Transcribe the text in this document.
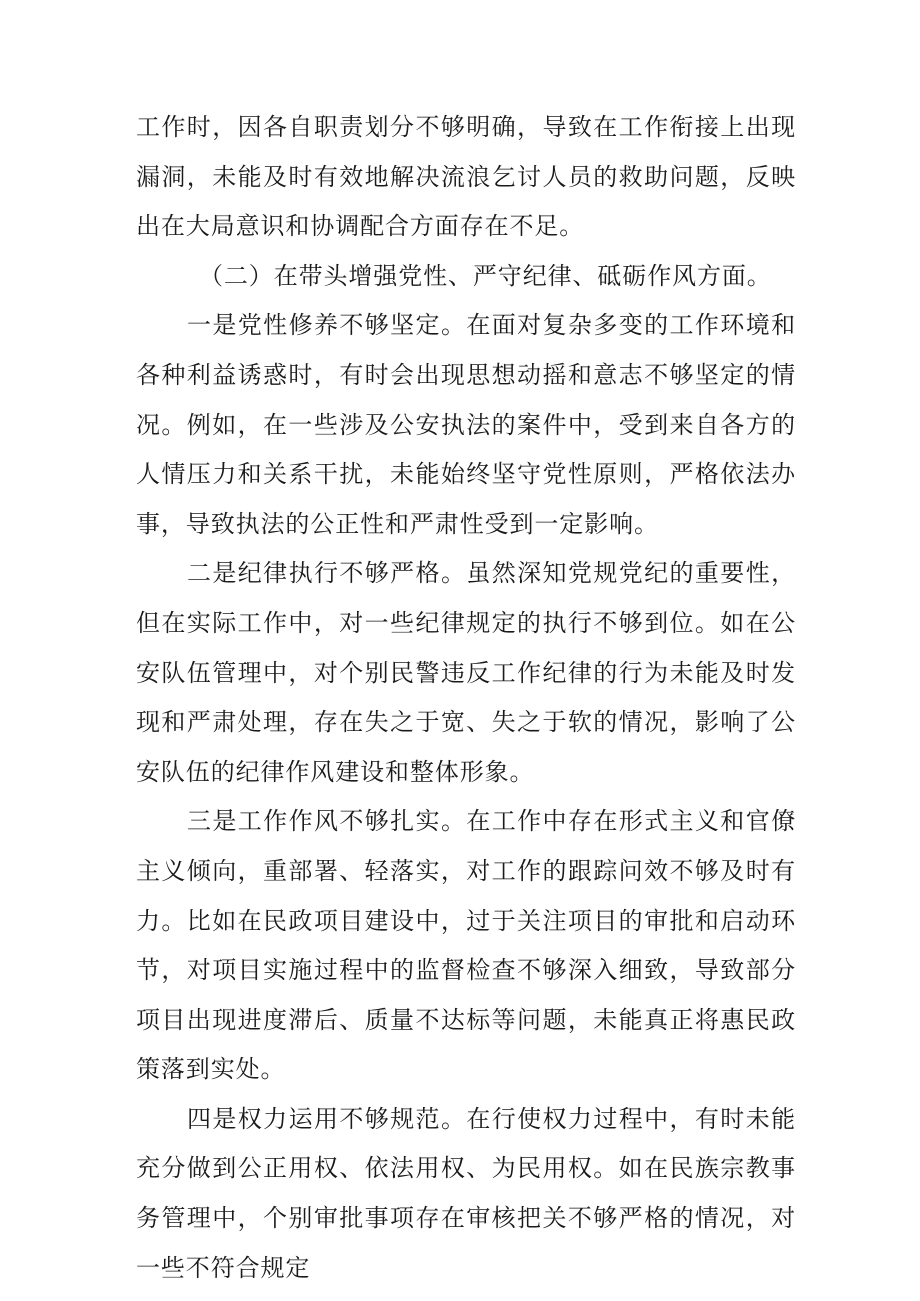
工作时，因各自职责划分不够明确，导致在工作衔接上出现漏洞，未能及时有效地解决流浪乞讨人员的救助问题，反映出在大局意识和协调配合方面存在不足。

（二）在带头增强党性、严守纪律、砥砺作风方面。

一是党性修养不够坚定。在面对复杂多变的工作环境和各种利益诱惑时，有时会出现思想动摇和意志不够坚定的情况。例如，在一些涉及公安执法的案件中，受到来自各方的人情压力和关系干扰，未能始终坚守党性原则，严格依法办事，导致执法的公正性和严肃性受到一定影响。

二是纪律执行不够严格。虽然深知党规党纪的重要性，但在实际工作中，对一些纪律规定的执行不够到位。如在公安队伍管理中，对个别民警违反工作纪律的行为未能及时发现和严肃处理，存在失之于宽、失之于软的情况，影响了公安队伍的纪律作风建设和整体形象。

三是工作作风不够扎实。在工作中存在形式主义和官僚主义倾向，重部署、轻落实，对工作的跟踪问效不够及时有力。比如在民政项目建设中，过于关注项目的审批和启动环节，对项目实施过程中的监督检查不够深入细致，导致部分项目出现进度滞后、质量不达标等问题，未能真正将惠民政策落到实处。

四是权力运用不够规范。在行使权力过程中，有时未能充分做到公正用权、依法用权、为民用权。如在民族宗教事务管理中，个别审批事项存在审核把关不够严格的情况，对一些不符合规定
